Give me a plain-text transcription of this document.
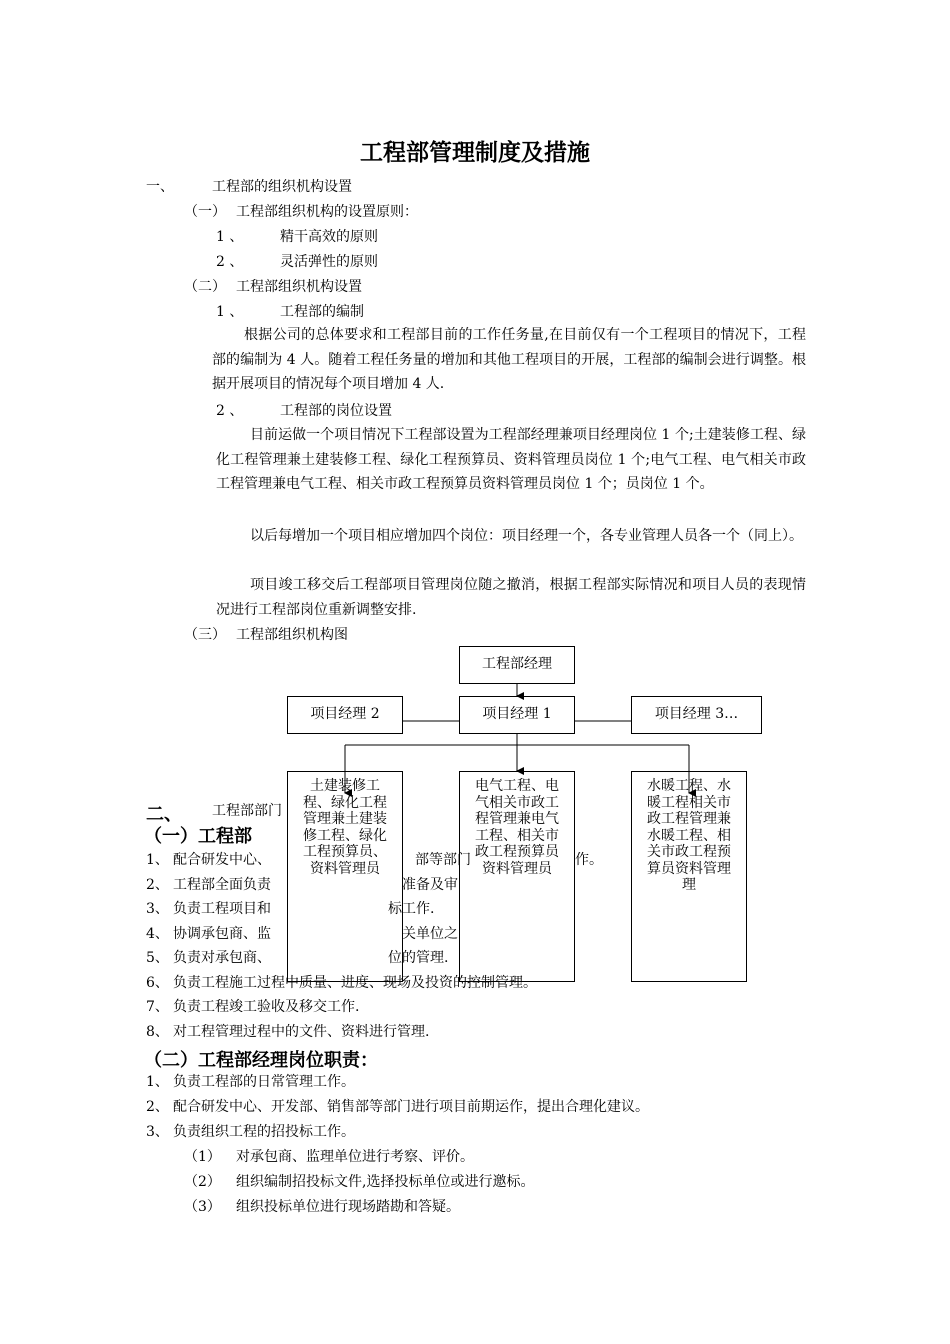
工程部管理制度及措施
一、	工程部的组织机构设置
（一） 工程部组织机构的设置原则：
1 、	精干高效的原则
2 、	灵活弹性的原则
（二） 工程部组织机构设置
1 、	工程部的编制
根据公司的总体要求和工程部目前的工作任务量,在目前仅有一个工程项目的情况下，工程部的编制为 4 人。随着工程任务量的增加和其他工程项目的开展，工程部的编制会进行调整。根据开展项目的情况每个项目增加 4 人.
2 、	工程部的岗位设置
目前运做一个项目情况下工程部设置为工程部经理兼项目经理岗位 1 个;土建装修工程、绿化工程管理兼土建装修工程、绿化工程预算员、资料管理员岗位 1 个;电气工程、电气相关市政工程管理兼电气工程、相关市政工程预算员资料管理员岗位 1 个；员岗位 1 个。
以后每增加一个项目相应增加四个岗位：项目经理一个，各专业管理人员各一个（同上）。
项目竣工移交后工程部项目管理岗位随之撤消，根据工程部实际情况和项目人员的表现情况进行工程部岗位重新调整安排.
（三） 工程部组织机构图
二、 工程部部门
（一）工程部
1、 配合研发中心、	部等部门	作。
2、 工程部全面负责	准备及审
3、 负责工程项目和	标工作.
4、 协调承包商、监	关单位之
5、 负责对承包商、	位的管理.
6、 负责工程施工过程中质量、进度、现场及投资的控制管理。
7、 负责工程竣工验收及移交工作.
8、 对工程管理过程中的文件、资料进行管理.
（二）工程部经理岗位职责：
1、 负责工程部的日常管理工作。
2、 配合研发中心、开发部、销售部等部门进行项目前期运作，提出合理化建议。
3、 负责组织工程的招投标工作。
（1） 对承包商、监理单位进行考察、评价。
（2） 组织编制招投标文件,选择投标单位或进行邀标。
（3） 组织投标单位进行现场踏勘和答疑。
工程部经理
项目经理 2	项目经理 1	项目经理 3…
土建装修工程、绿化工程管理兼土建装修工程、绿化工程预算员、资料管理员
电气工程、电气相关市政工程管理兼电气工程、相关市政工程预算员资料管理员
水暖工程、水暖工程相关市政工程管理兼水暖工程、相关市政工程预算员资料管理理
